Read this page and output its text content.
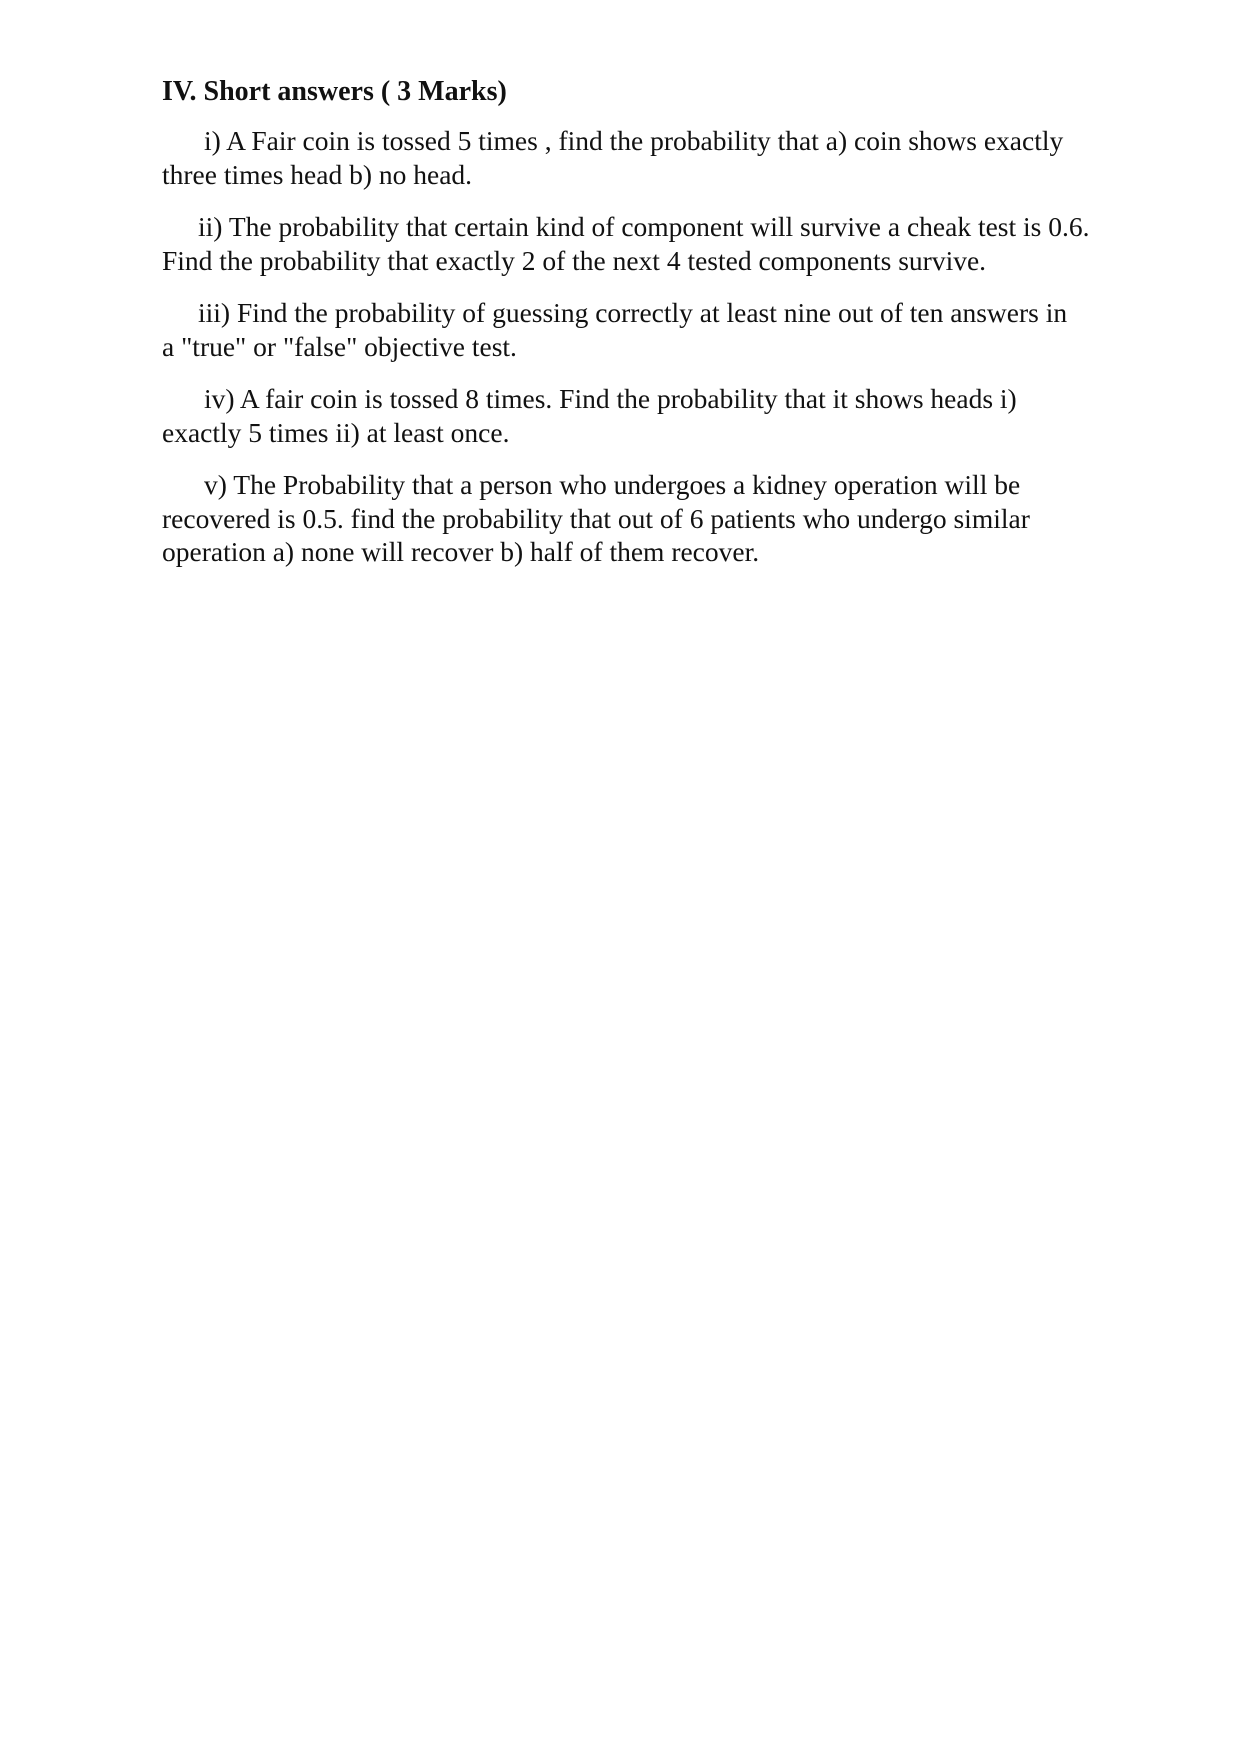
IV. Short answers ( 3 Marks)
i) A Fair coin is tossed 5 times , find the probability that a) coin shows exactly
three times head b) no head.
ii) The probability that certain kind of component will survive a cheak test is 0.6.
Find the probability that exactly 2 of the next 4 tested components survive.
iii) Find the probability of guessing correctly at least nine out of ten answers in
a "true" or "false" objective test.
iv) A fair coin is tossed 8 times. Find the probability that it shows heads i)
exactly 5 times ii) at least once.
v) The Probability that a person who undergoes a kidney operation will be
recovered is 0.5. find the probability that out of 6 patients who undergo similar
operation a) none will recover b) half of them recover.
